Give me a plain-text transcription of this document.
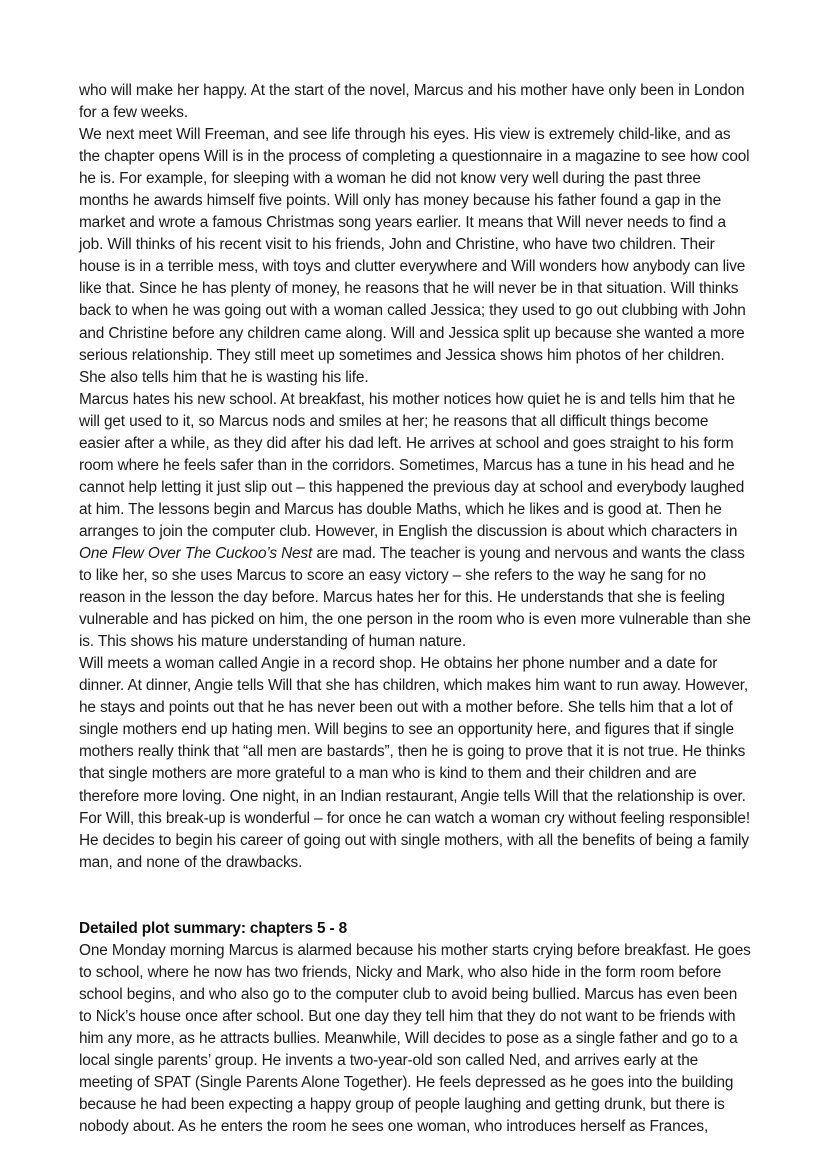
who will make her happy. At the start of the novel, Marcus and his mother have only been in London for a few weeks.

We next meet Will Freeman, and see life through his eyes. His view is extremely child-like, and as the chapter opens Will is in the process of completing a questionnaire in a magazine to see how cool he is. For example, for sleeping with a woman he did not know very well during the past three months he awards himself five points. Will only has money because his father found a gap in the market and wrote a famous Christmas song years earlier. It means that Will never needs to find a job. Will thinks of his recent visit to his friends, John and Christine, who have two children. Their house is in a terrible mess, with toys and clutter everywhere and Will wonders how anybody can live like that. Since he has plenty of money, he reasons that he will never be in that situation. Will thinks back to when he was going out with a woman called Jessica; they used to go out clubbing with John and Christine before any children came along. Will and Jessica split up because she wanted a more serious relationship. They still meet up sometimes and Jessica shows him photos of her children. She also tells him that he is wasting his life.

Marcus hates his new school. At breakfast, his mother notices how quiet he is and tells him that he will get used to it, so Marcus nods and smiles at her; he reasons that all difficult things become easier after a while, as they did after his dad left. He arrives at school and goes straight to his form room where he feels safer than in the corridors. Sometimes, Marcus has a tune in his head and he cannot help letting it just slip out – this happened the previous day at school and everybody laughed at him. The lessons begin and Marcus has double Maths, which he likes and is good at. Then he arranges to join the computer club. However, in English the discussion is about which characters in One Flew Over The Cuckoo’s Nest are mad. The teacher is young and nervous and wants the class to like her, so she uses Marcus to score an easy victory – she refers to the way he sang for no reason in the lesson the day before. Marcus hates her for this. He understands that she is feeling vulnerable and has picked on him, the one person in the room who is even more vulnerable than she is. This shows his mature understanding of human nature.

Will meets a woman called Angie in a record shop. He obtains her phone number and a date for dinner. At dinner, Angie tells Will that she has children, which makes him want to run away. However, he stays and points out that he has never been out with a mother before. She tells him that a lot of single mothers end up hating men. Will begins to see an opportunity here, and figures that if single mothers really think that “all men are bastards”, then he is going to prove that it is not true. He thinks that single mothers are more grateful to a man who is kind to them and their children and are therefore more loving. One night, in an Indian restaurant, Angie tells Will that the relationship is over. For Will, this break-up is wonderful – for once he can watch a woman cry without feeling responsible! He decides to begin his career of going out with single mothers, with all the benefits of being a family man, and none of the drawbacks.

Detailed plot summary: chapters 5 - 8

One Monday morning Marcus is alarmed because his mother starts crying before breakfast. He goes to school, where he now has two friends, Nicky and Mark, who also hide in the form room before school begins, and who also go to the computer club to avoid being bullied. Marcus has even been to Nick’s house once after school. But one day they tell him that they do not want to be friends with him any more, as he attracts bullies. Meanwhile, Will decides to pose as a single father and go to a local single parents’ group. He invents a two-year-old son called Ned, and arrives early at the meeting of SPAT (Single Parents Alone Together). He feels depressed as he goes into the building because he had been expecting a happy group of people laughing and getting drunk, but there is nobody about. As he enters the room he sees one woman, who introduces herself as Frances,
